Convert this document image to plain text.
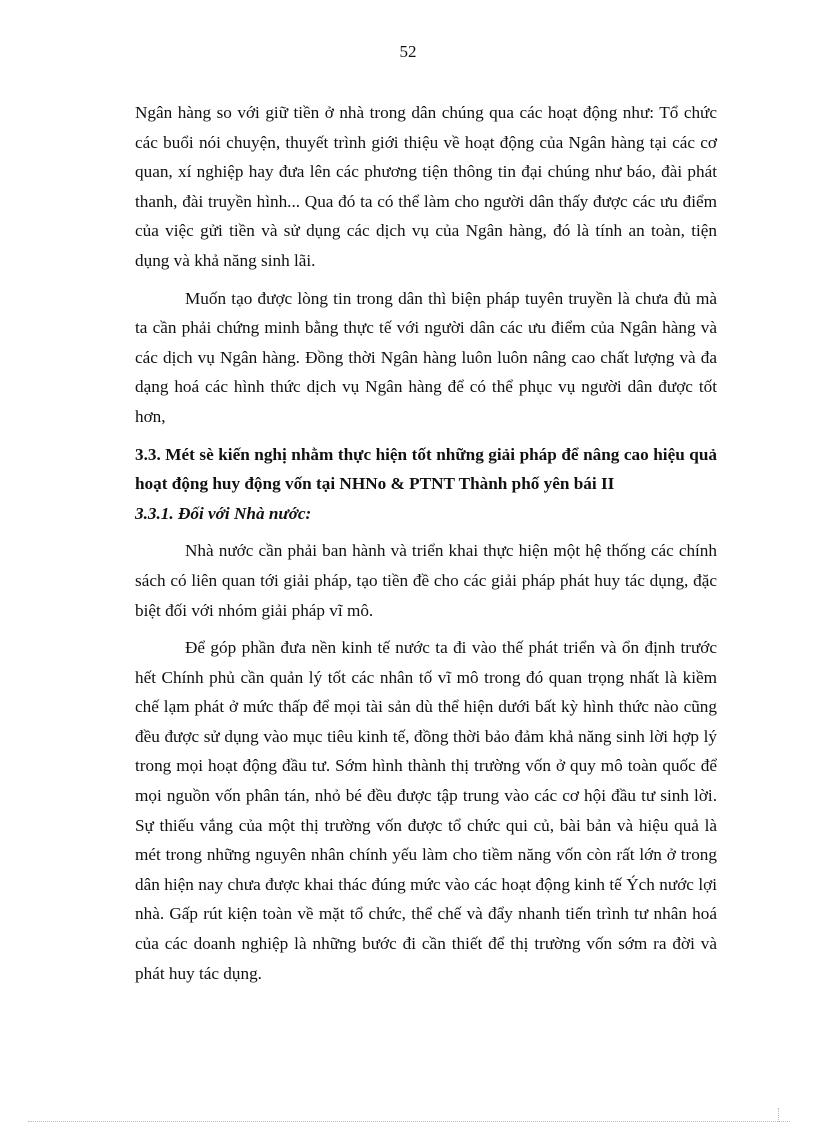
52

Ngân hàng so với giữ tiền ở nhà trong dân chúng qua các hoạt động như: Tổ chức các buổi nói chuyện, thuyết trình giới thiệu về hoạt động của Ngân hàng tại các cơ quan, xí nghiệp hay đưa lên các phương tiện thông tin đại chúng như báo, đài phát thanh, đài truyền hình... Qua đó ta có thể làm cho người dân thấy được các ưu điểm của việc gửi tiền và sử dụng các dịch vụ của Ngân hàng, đó là tính an toàn, tiện dụng và khả năng sinh lãi.

Muốn tạo được lòng tin trong dân thì biện pháp tuyên truyền là chưa đủ mà ta cần phải chứng minh bằng thực tế với người dân các ưu điểm của Ngân hàng và các dịch vụ Ngân hàng. Đồng thời Ngân hàng luôn luôn nâng cao chất lượng và đa dạng hoá các hình thức dịch vụ Ngân hàng để có thể phục vụ người dân được tốt hơn,

3.3. Mét sè kiến nghị nhằm thực hiện tốt những giải pháp để nâng cao hiệu quả hoạt động huy động vốn tại NHNo & PTNT Thành phố yên bái II

3.3.1. Đối với Nhà nước:

Nhà nước cần phải ban hành và triển khai thực hiện một hệ thống các chính sách có liên quan tới giải pháp, tạo tiền đề cho các giải pháp phát huy tác dụng, đặc biệt đối với nhóm giải pháp vĩ mô.

Để góp phần đưa nền kinh tế nước ta đi vào thế phát triển và ổn định trước hết Chính phủ cần quản lý tốt các nhân tố vĩ mô trong đó quan trọng nhất là kiềm chế lạm phát ở mức thấp để mọi tài sản dù thể hiện dưới bất kỳ hình thức nào cũng đều được sử dụng vào mục tiêu kinh tế, đồng thời bảo đảm khả năng sinh lời hợp lý trong mọi hoạt động đầu tư. Sớm hình thành thị trường vốn ở quy mô toàn quốc để mọi nguồn vốn phân tán, nhỏ bé đều được tập trung vào các cơ hội đầu tư sinh lời. Sự thiếu vắng của một thị trường vốn được tổ chức qui củ, bài bản và hiệu quả là mét trong những nguyên nhân chính yếu làm cho tiềm năng vốn còn rất lớn ở trong dân hiện nay chưa được khai thác đúng mức vào các hoạt động kinh tế Ých nước lợi nhà. Gấp rút kiện toàn về mặt tổ chức, thể chế và đẩy nhanh tiến trình tư nhân hoá của các doanh nghiệp là những bước đi cần thiết để thị trường vốn sớm ra đời và phát huy tác dụng.
